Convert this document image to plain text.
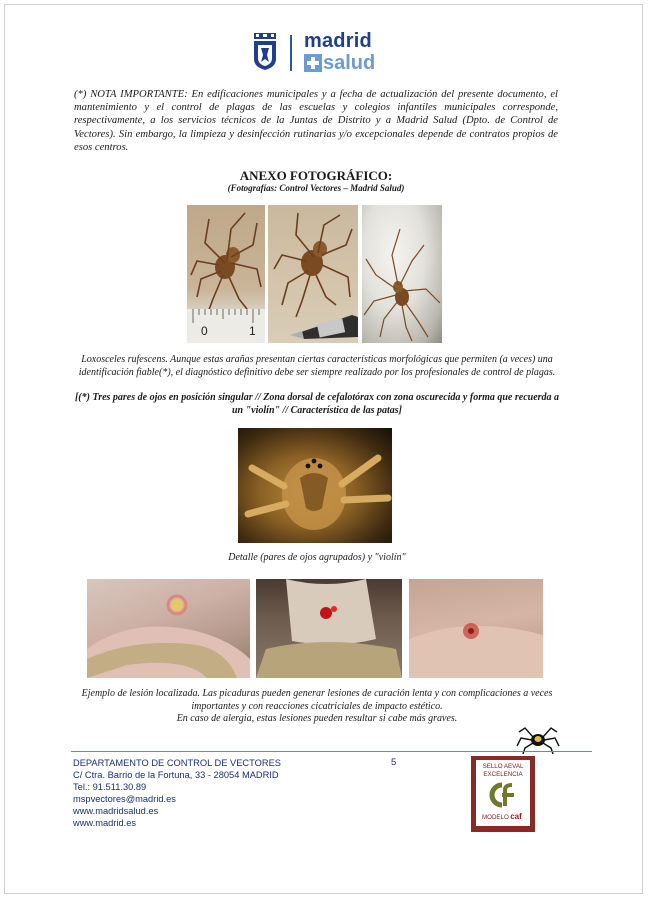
madrid
salud
(*) NOTA IMPORTANTE: En edificaciones municipales y a fecha de actualización del presente documento, el mantenimiento y el control de plagas de las escuelas y colegios infantiles municipales corresponde, respectivamente, a los servicios técnicos de la Juntas de Distrito y a Madrid Salud (Dpto. de Control de Vectores). Sin embargo, la limpieza y desinfección rutinarias y/o excepcionales depende de contratos propios de esos centros.
ANEXO FOTOGRÁFICO:
(Fotografías: Control Vectores – Madrid Salud)
0	1
Loxosceles rufescens. Aunque estas arañas presentan ciertas características morfológicas que permiten (a veces) una identificación fiable(*), el diagnóstico definitivo debe ser siempre realizado por los profesionales de control de plagas.
[(*) Tres pares de ojos en posición singular // Zona dorsal de cefalotórax con zona oscurecida y forma que recuerda a un "violín" // Característica de las patas]
Detalle (pares de ojos agrupados) y "violín"
Ejemplo de lesión localizada. Las picaduras pueden generar lesiones de curación lenta y con complicaciones a veces importantes y con reacciones cicatriciales de impacto estético.
En caso de alergia, estas lesiones pueden resultar si cabe más graves.
DEPARTAMENTO DE CONTROL DE VECTORES
C/ Ctra. Barrio de la Fortuna, 33 - 28054 MADRID
Tel.: 91.511.30.89
mspvectores@madrid.es
www.madridsalud.es
www.madrid.es
5	SELLO AEVAL
EXCELENCIA
MODELO caf
